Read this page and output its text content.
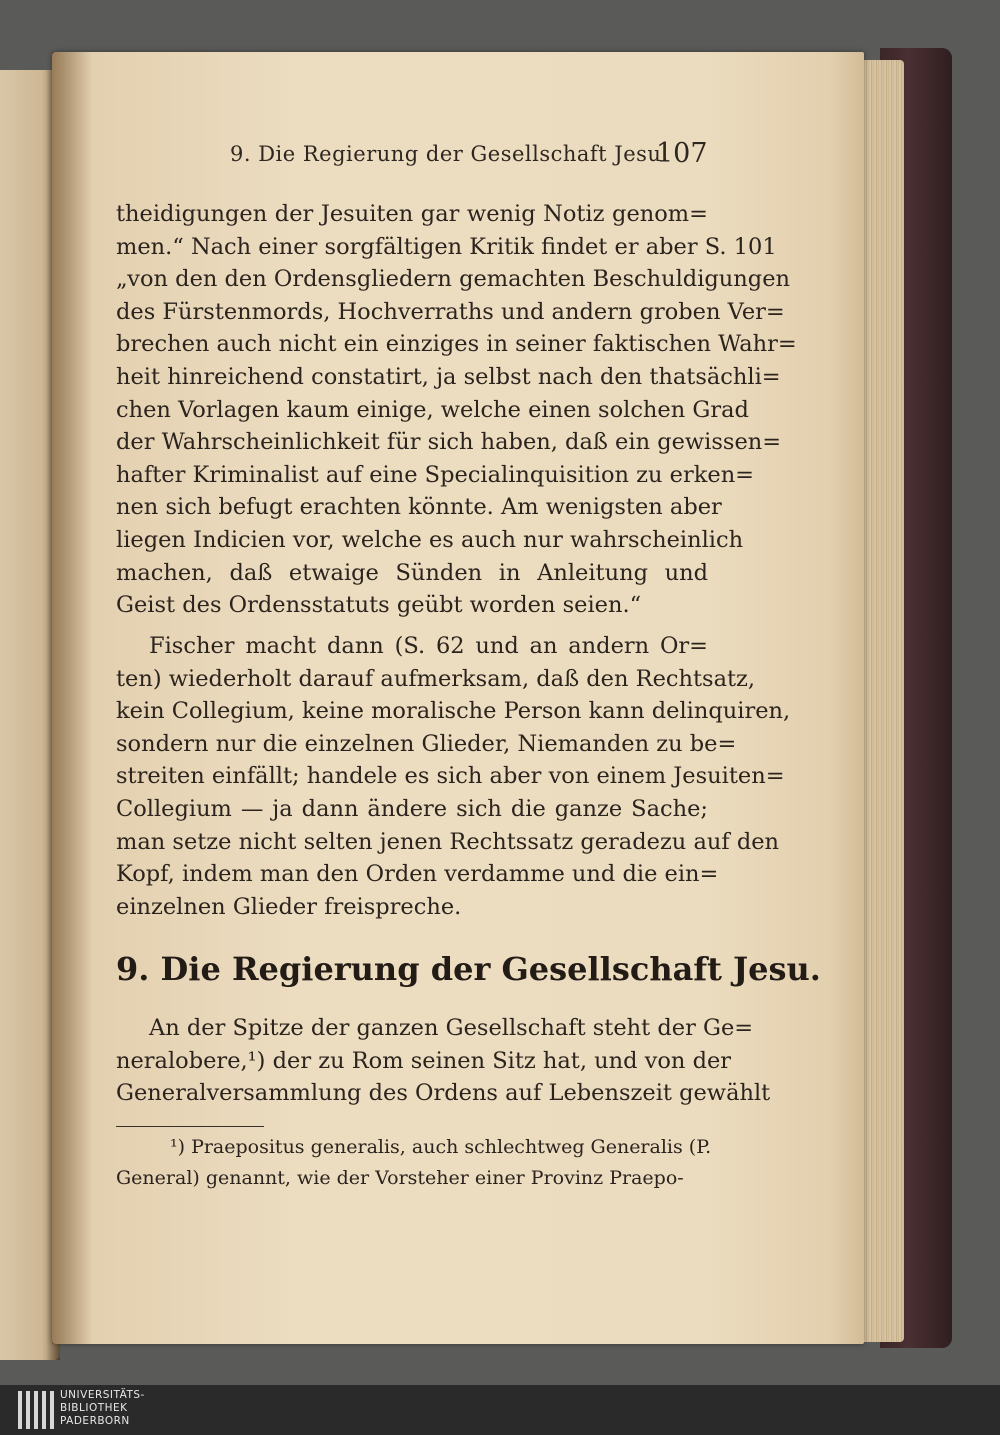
9. Die Regierung der Gesellschaft Jesu.
107
theidigungen der Jesuiten gar wenig Notiz genom=
men.“ Nach einer sorgfältigen Kritik findet er aber S. 101
„von den den Ordensgliedern gemachten Beschuldigungen
des Fürstenmords, Hochverraths und andern groben Ver=
brechen auch nicht ein einziges in seiner faktischen Wahr=
heit hinreichend constatirt, ja selbst nach den thatsächli=
chen Vorlagen kaum einige, welche einen solchen Grad
der Wahrscheinlichkeit für sich haben, daß ein gewissen=
hafter Kriminalist auf eine Specialinquisition zu erken=
nen sich befugt erachten könnte. Am wenigsten aber
liegen Indicien vor, welche es auch nur wahrscheinlich
machen, daß etwaige Sünden in Anleitung und
Geist des Ordensstatuts geübt worden seien.“
Fischer macht dann (S. 62 und an andern Or=
ten) wiederholt darauf aufmerksam, daß den Rechtsatz,
kein Collegium, keine moralische Person kann delinquiren,
sondern nur die einzelnen Glieder, Niemanden zu be=
streiten einfällt; handele es sich aber von einem Jesuiten=
Collegium — ja dann ändere sich die ganze Sache;
man setze nicht selten jenen Rechtssatz geradezu auf den
Kopf, indem man den Orden verdamme und die ein=
einzelnen Glieder freispreche.
9. Die Regierung der Gesellschaft Jesu.
An der Spitze der ganzen Gesellschaft steht der Ge=
neralobere,¹) der zu Rom seinen Sitz hat, und von der
Generalversammlung des Ordens auf Lebenszeit gewählt
¹) Praepositus generalis, auch schlechtweg Generalis (P.
General) genannt, wie der Vorsteher einer Provinz Praepo-
UNIVERSITÄTS-
BIBLIOTHEK
PADERBORN
